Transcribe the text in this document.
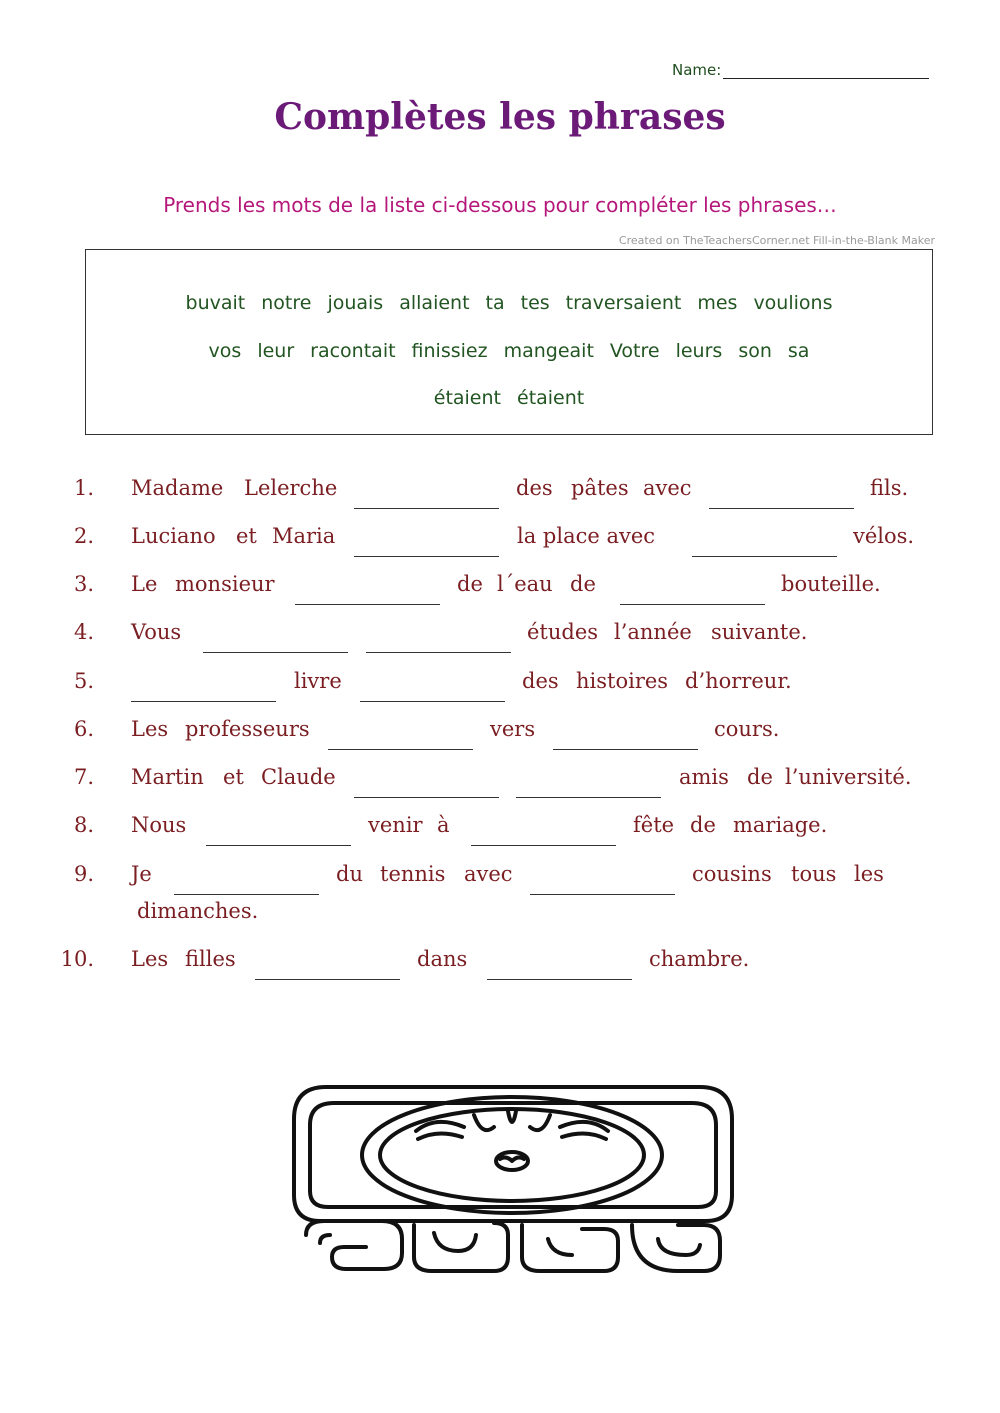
Name:
Complètes les phrases
Prends les mots de la liste ci-dessous pour compléter les phrases…
Created on TheTeachersCorner.net Fill-in-the-Blank Maker
buvait notre jouais allaient ta tes traversaient mes voulions
vos leur racontait finissiez mangeait Votre leurs son sa
étaient étaient
1. Madame Lelerche	des pâtes avec	fils.
2. Luciano et Maria	la place avec	vélos.
3. Le monsieur	de l´eau de	bouteille.
4. Vous	études l’année suivante.
5.	livre	des histoires d’horreur.
6. Les professeurs	vers	cours.
7. Martin et Claude	amis de l’université.
8. Nous	venir à	fête de mariage.
9. Je	du tennis avec	cousins tous les
dimanches.
10. Les filles	dans	chambre.
